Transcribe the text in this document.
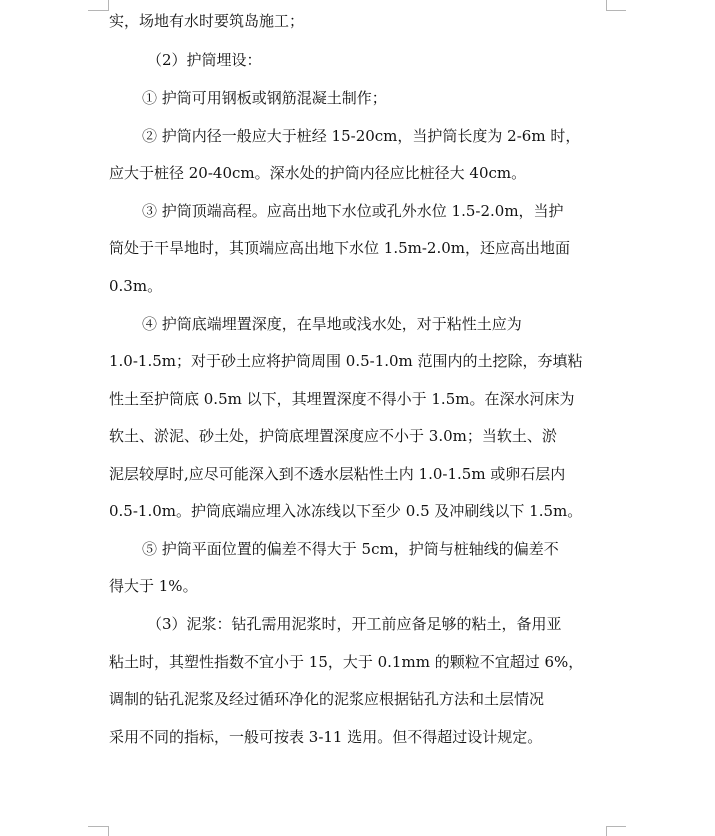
实，场地有水时要筑岛施工；
（2）护筒埋设：
① 护筒可用钢板或钢筋混凝土制作；
② 护筒内径一般应大于桩经 15-20cm，当护筒长度为 2-6m 时，
应大于桩径 20-40cm。深水处的护筒内径应比桩径大 40cm。
③ 护筒顶端高程。应高出地下水位或孔外水位 1.5-2.0m，当护
筒处于干旱地时，其顶端应高出地下水位 1.5m-2.0m，还应高出地面
0.3m。
④ 护筒底端埋置深度，在旱地或浅水处，对于粘性土应为
1.0-1.5m；对于砂土应将护筒周围 0.5-1.0m 范围内的土挖除，夯填粘
性土至护筒底 0.5m 以下，其埋置深度不得小于 1.5m。在深水河床为
软土、淤泥、砂土处，护筒底埋置深度应不小于 3.0m；当软土、淤
泥层较厚时,应尽可能深入到不透水层粘性土内 1.0-1.5m 或卵石层内
0.5-1.0m。护筒底端应埋入冰冻线以下至少 0.5 及冲刷线以下 1.5m。
⑤ 护筒平面位置的偏差不得大于 5cm，护筒与桩轴线的偏差不
得大于 1%。
（3）泥浆：钻孔需用泥浆时，开工前应备足够的粘土，备用亚
粘土时，其塑性指数不宜小于 15，大于 0.1mm 的颗粒不宜超过 6%，
调制的钻孔泥浆及经过循环净化的泥浆应根据钻孔方法和土层情况
采用不同的指标，一般可按表 3-11 选用。但不得超过设计规定。
